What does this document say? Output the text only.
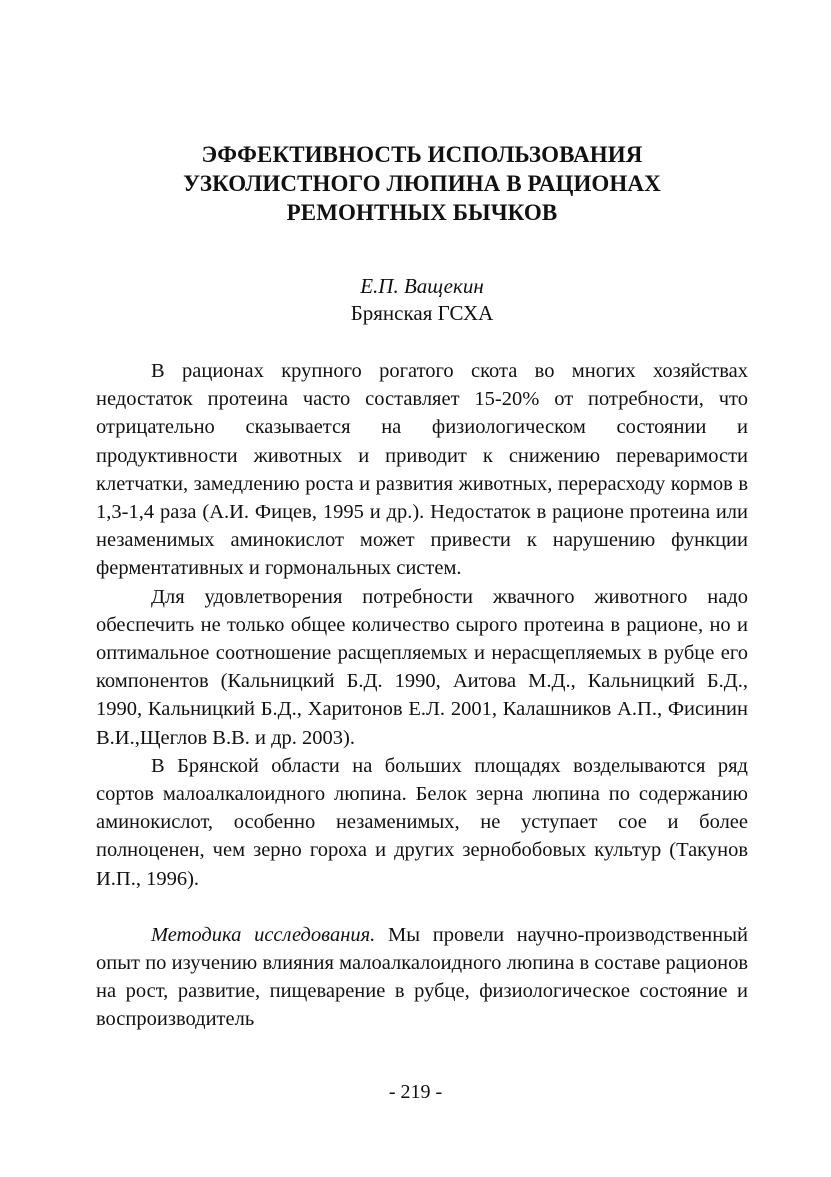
ЭФФЕКТИВНОСТЬ ИСПОЛЬЗОВАНИЯ
УЗКОЛИСТНОГО ЛЮПИНА В РАЦИОНАХ
РЕМОНТНЫХ БЫЧКОВ
Е.П. Ващекин
Брянская ГСХА

В рационах крупного рогатого скота во многих хозяйствах недостаток протеина часто составляет 15-20% от потребности, что отрицательно сказывается на физиологическом состоянии и продуктивности животных и приводит к снижению переваримости клетчатки, замедлению роста и развития животных, перерасходу кормов в 1,3-1,4 раза (А.И. Фицев, 1995 и др.). Недостаток в рационе протеина или незаменимых аминокислот может привести к нарушению функции ферментативных и гормональных систем.

Для удовлетворения потребности жвачного животного надо обеспечить не только общее количество сырого протеина в рационе, но и оптимальное соотношение расщепляемых и нерасщепляемых в рубце его компонентов (Кальницкий Б.Д. 1990, Аитова М.Д., Кальницкий Б.Д., 1990, Кальницкий Б.Д., Харитонов Е.Л. 2001, Калашников А.П., Фисинин В.И.,Щеглов В.В. и др. 2003).

В Брянской области на больших площадях возделываются ряд сортов малоалкалоидного люпина. Белок зерна люпина по содержанию аминокислот, особенно незаменимых, не уступает сое и более полноценен, чем зерно гороха и других зернобобовых культур (Такунов И.П., 1996).

Методика исследования. Мы провели научно-производственный опыт по изучению влияния малоалкалоидного люпина в составе рационов на рост, развитие, пищеварение в рубце, физиологическое состояние и воспроизводитель

- 219 -
